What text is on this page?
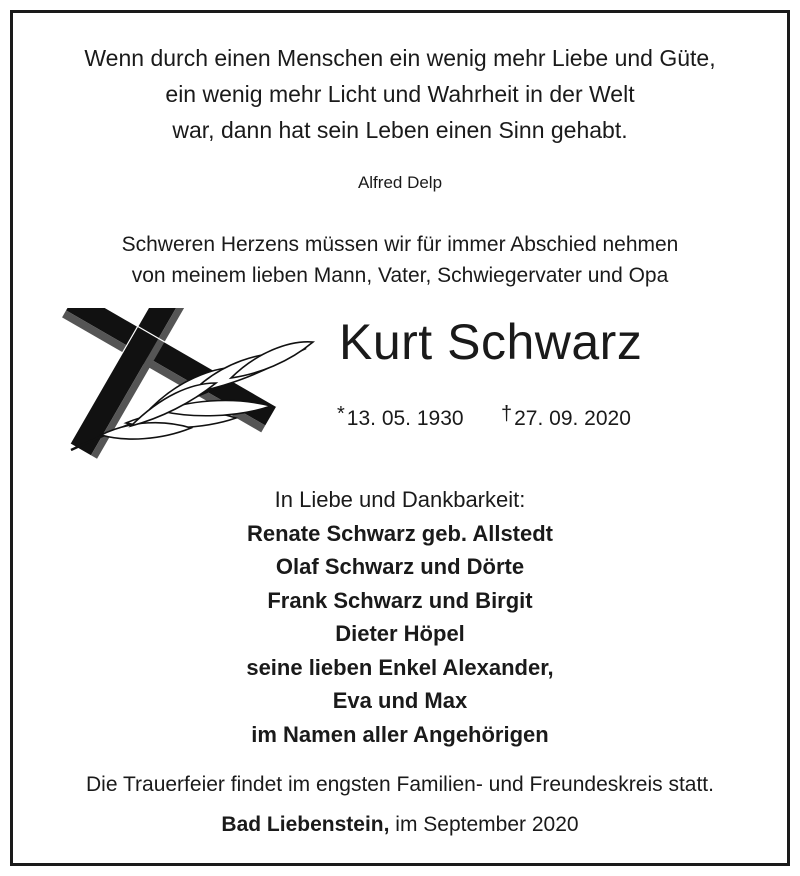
Wenn durch einen Menschen ein wenig mehr Liebe und Güte,
ein wenig mehr Licht und Wahrheit in der Welt
war, dann hat sein Leben einen Sinn gehabt.
Alfred Delp
Schweren Herzens müssen wir für immer Abschied nehmen
von meinem lieben Mann, Vater, Schwiegervater und Opa
Kurt Schwarz
*13. 05. 1930 †27. 09. 2020
In Liebe und Dankbarkeit:
Renate Schwarz geb. Allstedt
Olaf Schwarz und Dörte
Frank Schwarz und Birgit
Dieter Höpel
seine lieben Enkel Alexander,
Eva und Max
im Namen aller Angehörigen
Die Trauerfeier findet im engsten Familien- und Freundeskreis statt.
Bad Liebenstein, im September 2020
